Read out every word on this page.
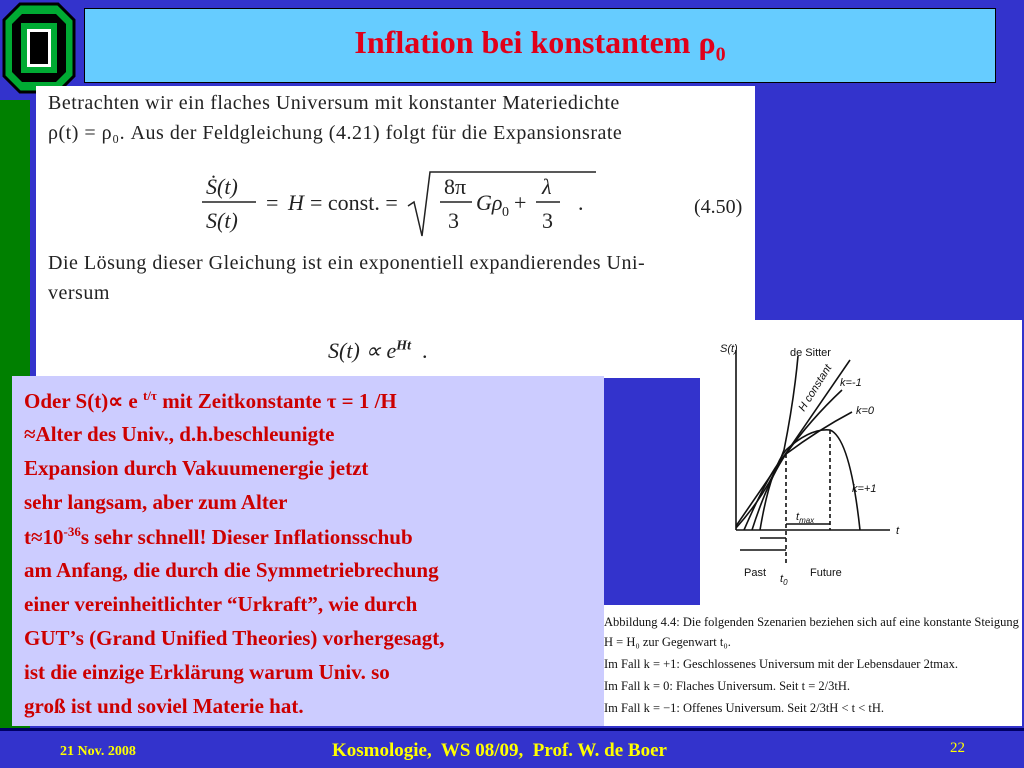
Inflation bei konstantem $\rho_0$
Betrachten wir ein flaches Universum mit konstanter Materiedichte
ρ(t) = ρ₀. Aus der Feldgleichung (4.21) folgt für die Expansionsrate
Ṡ(t)
S(t)
= H = const. =
8π
3
Gρ 0 +
λ
3
.	(4.50)
Die Lösung dieser Gleichung ist ein exponentiell expandierendes Uni-
versum
$S(t) \propto e^{Ht}$  .	S(t)
t
de Sitter
H constant k=-1
k=0
k=+1
Past	Future
$t_0$
$t_{max}$
Abbildung 4.4: Die folgenden Szenarien beziehen sich auf eine konstante Steigung
H = H₀ zur Gegenwart t₀.
Im Fall k = +1: Geschlossenes Universum mit der Lebensdauer 2tmax.
Im Fall k = 0: Flaches Universum. Seit t = 2/3tH.
Im Fall k = −1: Offenes Universum. Seit 2/3tH < t < tH.
Oder S(t)∝ e $^{t/\tau}$ mit Zeitkonstante τ = 1 /H
≈Alter des Univ., d.h.beschleunigte
Expansion durch Vakuumenergie jetzt
sehr langsam, aber zum Alter
$t\approx 10^{-36}s$ sehr schnell! Dieser Inflationsschub
am Anfang, die durch die Symmetriebrechung
einer vereinheitlichter “Urkraft”, wie durch
GUT’s (Grand Unified Theories) vorhergesagt,
ist die einzige Erklärung warum Univ. so
groß ist und soviel Materie hat.
21 Nov. 2008	Kosmologie,  WS 08/09,  Prof. W. de Boer	22
